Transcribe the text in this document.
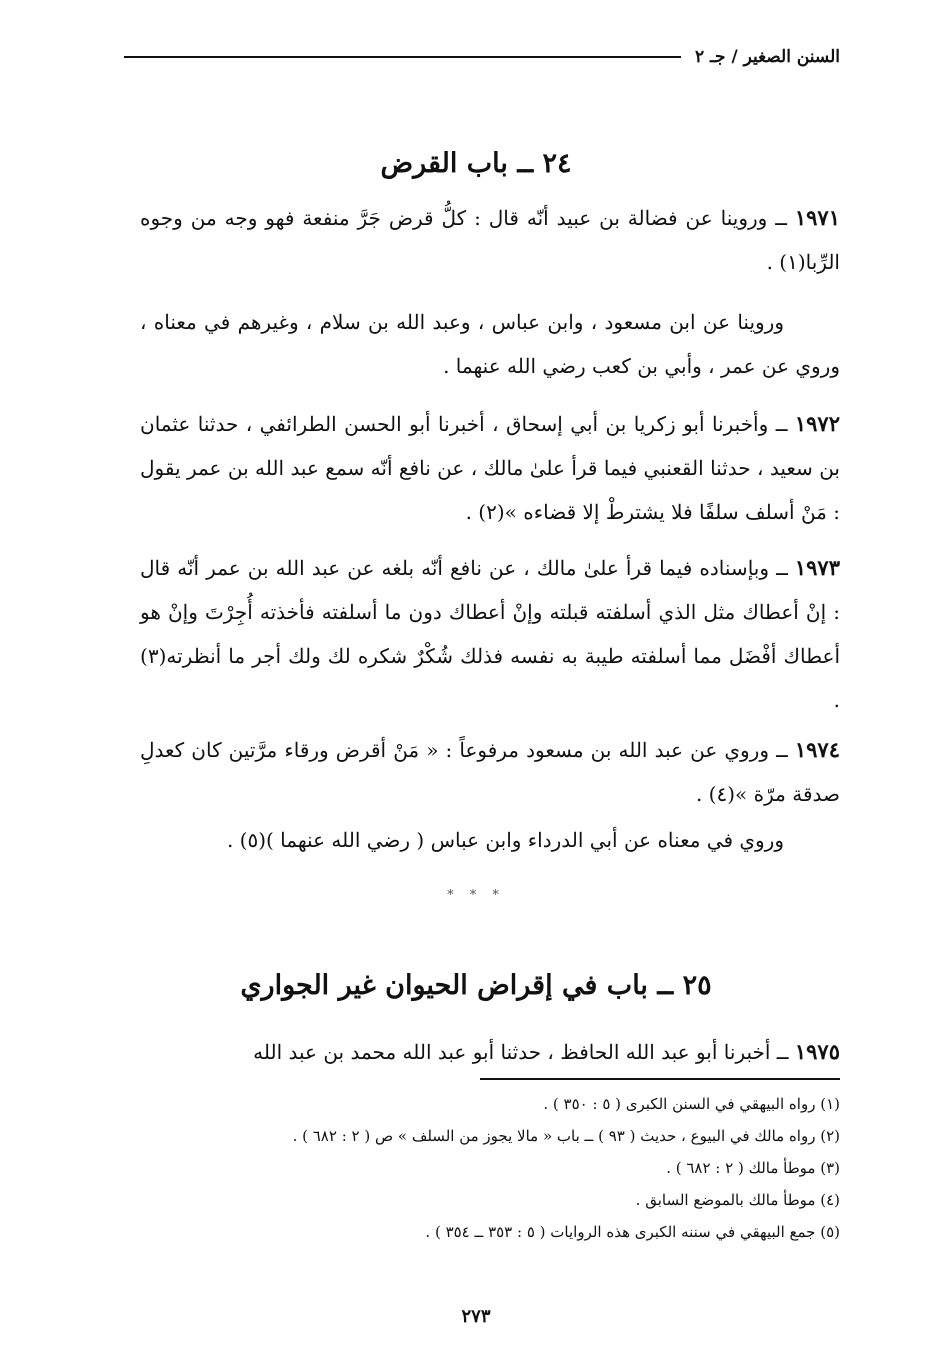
السنن الصغير / جـ ٢
٢٤ ــ باب القرض
١٩٧١ ــ وروينا عن فضالة بن عبيد أنّه قال : كلُّ قرض جَرَّ منفعة فهو وجه من وجوه الرِّبا(١) .
وروينا عن ابن مسعود ، وابن عباس ، وعبد الله بن سلام ، وغيرهم في معناه ، وروي عن عمر ، وأبي بن كعب رضي الله عنهما .
١٩٧٢ ــ وأخبرنا أبو زكريا بن أبي إسحاق ، أخبرنا أبو الحسن الطرائفي ، حدثنا عثمان بن سعيد ، حدثنا القعنبي فيما قرأ علىٰ مالك ، عن نافع أنّه سمع عبد الله بن عمر يقول : مَنْ أسلف سلفًا فلا يشترطْ إلا قضاءه »(٢) .
١٩٧٣ ــ وبإسناده فيما قرأ علىٰ مالك ، عن نافع أنّه بلغه عن عبد الله بن عمر أنّه قال : إنْ أعطاك مثل الذي أسلفته قبلته وإنْ أعطاك دون ما أسلفته فأخذته أُجِرْتَ وإنْ هو أعطاك أفْضَل مما أسلفته طيبة به نفسه فذلك شُكْرٌ شكره لك ولك أجر ما أنظرته(٣) .
١٩٧٤ ــ وروي عن عبد الله بن مسعود مرفوعاً : « مَنْ أقرض ورقاء مرَّتين كان كعدلِ صدقة مرّة »(٤) .
وروي في معناه عن أبي الدرداء وابن عباس ( رضي الله عنهما )(٥) .
* * *
٢٥ ــ باب في إقراض الحيوان غير الجواري
١٩٧٥ ــ أخبرنا أبو عبد الله الحافظ ، حدثنا أبو عبد الله محمد بن عبد الله
(١) رواه البيهقي في السنن الكبرى ( ٥ : ٣٥٠ ) .
(٢) رواه مالك في البيوع ، حديث ( ٩٣ ) ــ باب « مالا يجوز من السلف » ص ( ٢ : ٦٨٢ ) .
(٣) موطأ مالك ( ٢ : ٦٨٢ ) .
(٤) موطأ مالك بالموضع السابق .
(٥) جمع البيهقي في سننه الكبرى هذه الروايات ( ٥ : ٣٥٣ ــ ٣٥٤ ) .
٢٧٣
